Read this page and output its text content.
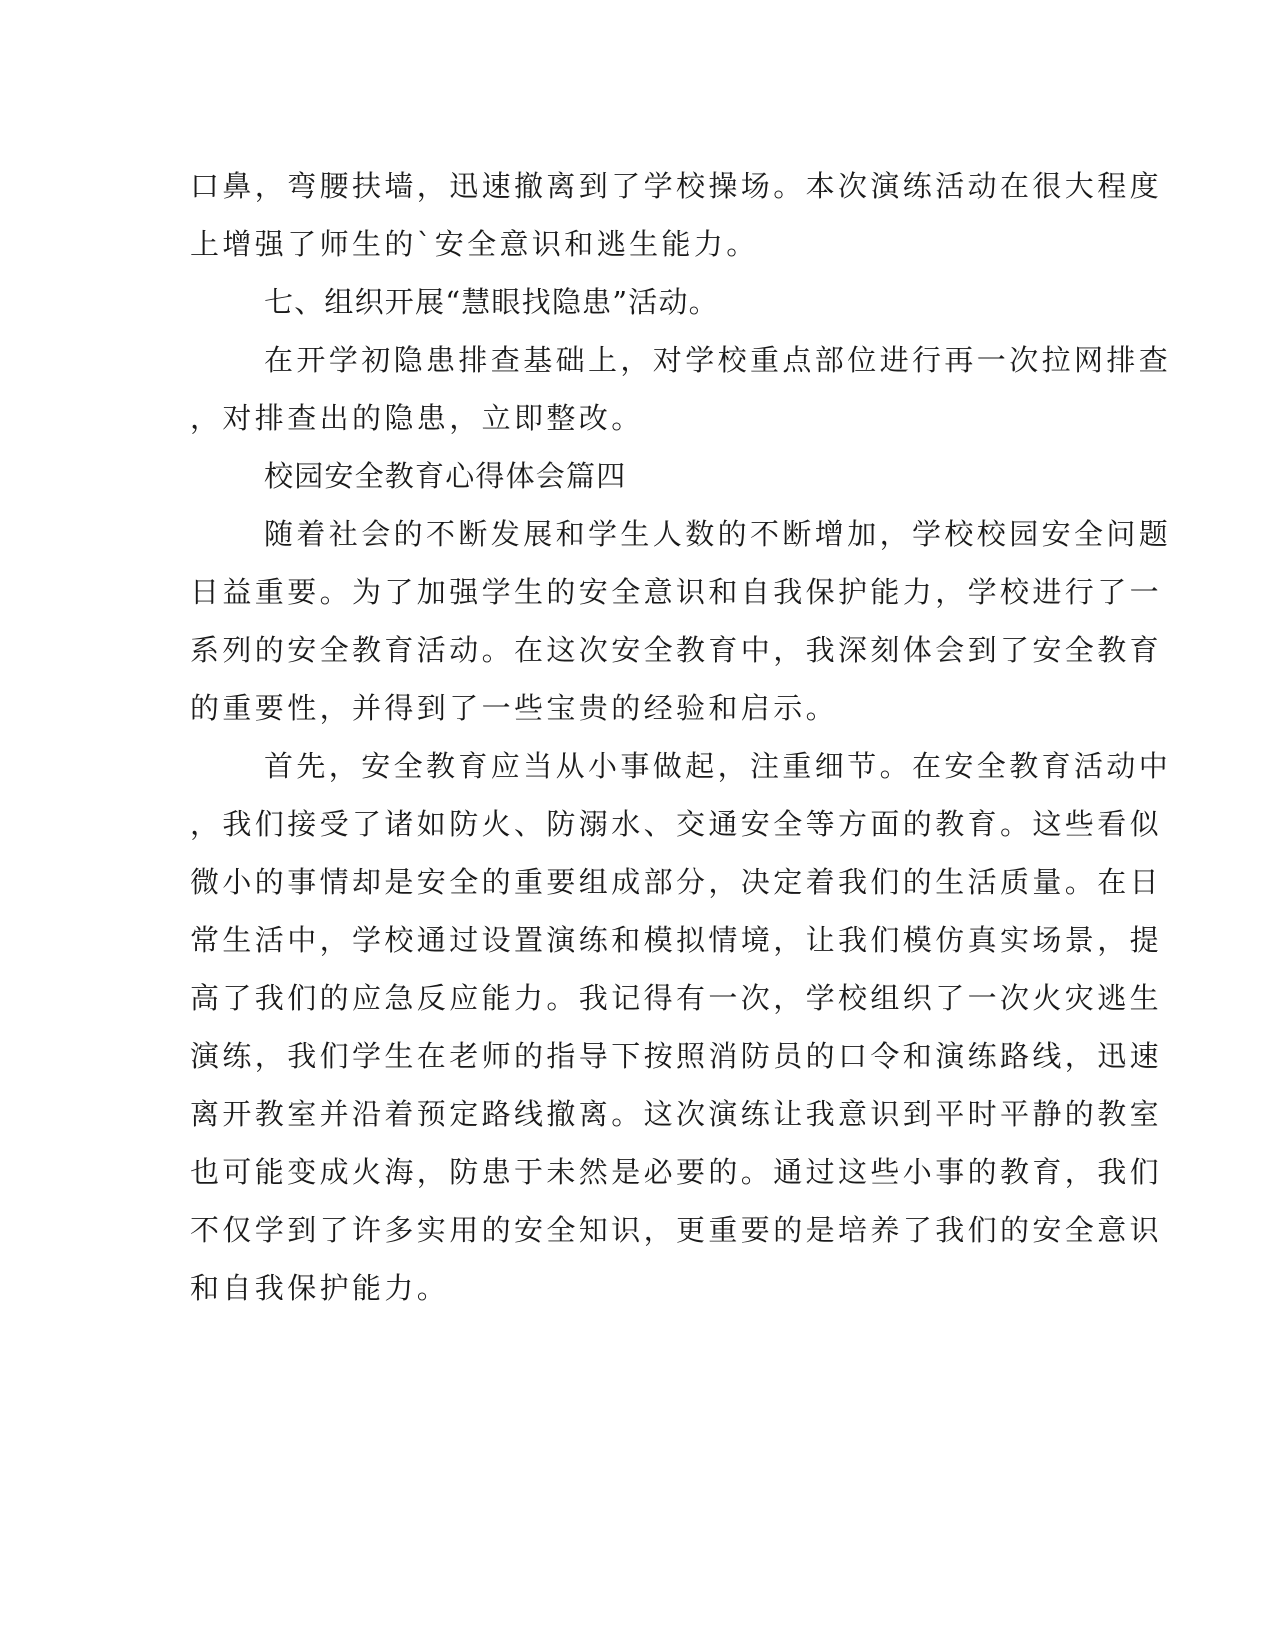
口鼻，弯腰扶墙，迅速撤离到了学校操场。本次演练活动在很大程度

上增强了师生的`安全意识和逃生能力。

七、组织开展“慧眼找隐患”活动。

在开学初隐患排查基础上，对学校重点部位进行再一次拉网排查

，对排查出的隐患，立即整改。

校园安全教育心得体会篇四

随着社会的不断发展和学生人数的不断增加，学校校园安全问题

日益重要。为了加强学生的安全意识和自我保护能力，学校进行了一

系列的安全教育活动。在这次安全教育中，我深刻体会到了安全教育

的重要性，并得到了一些宝贵的经验和启示。

首先，安全教育应当从小事做起，注重细节。在安全教育活动中

，我们接受了诸如防火、防溺水、交通安全等方面的教育。这些看似

微小的事情却是安全的重要组成部分，决定着我们的生活质量。在日

常生活中，学校通过设置演练和模拟情境，让我们模仿真实场景，提

高了我们的应急反应能力。我记得有一次，学校组织了一次火灾逃生

演练，我们学生在老师的指导下按照消防员的口令和演练路线，迅速

离开教室并沿着预定路线撤离。这次演练让我意识到平时平静的教室

也可能变成火海，防患于未然是必要的。通过这些小事的教育，我们

不仅学到了许多实用的安全知识，更重要的是培养了我们的安全意识

和自我保护能力。
